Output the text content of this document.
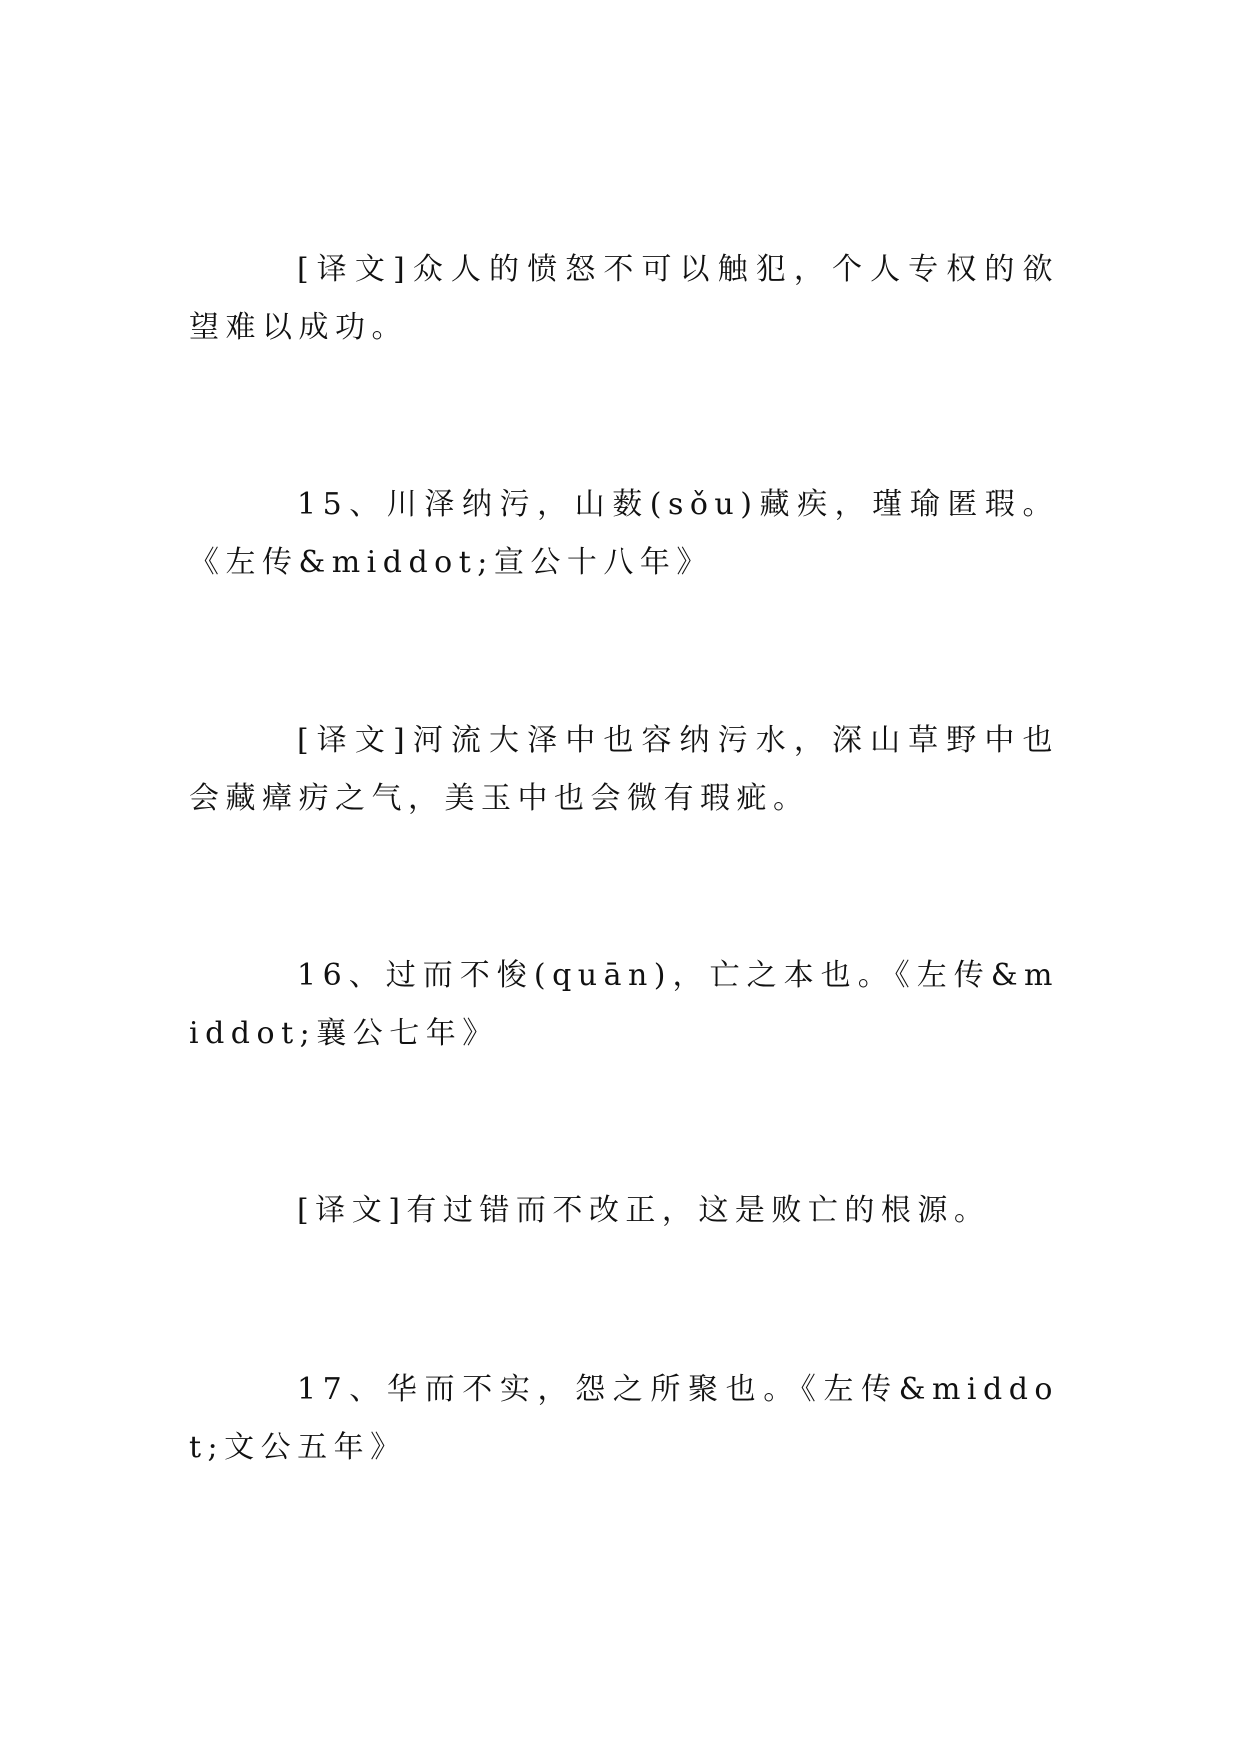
[译文]众人的愤怒不可以触犯，个人专权的欲望难以成功。

15、川泽纳污，山薮(sǒu)藏疾，瑾瑜匿瑕。《左传&middot;宣公十八年》

[译文]河流大泽中也容纳污水，深山草野中也会藏瘴疠之气，美玉中也会微有瑕疵。

16、过而不悛(quān)，亡之本也。《左传&middot;襄公七年》

[译文]有过错而不改正，这是败亡的根源。

17、华而不实，怨之所聚也。《左传&middot;文公五年》
